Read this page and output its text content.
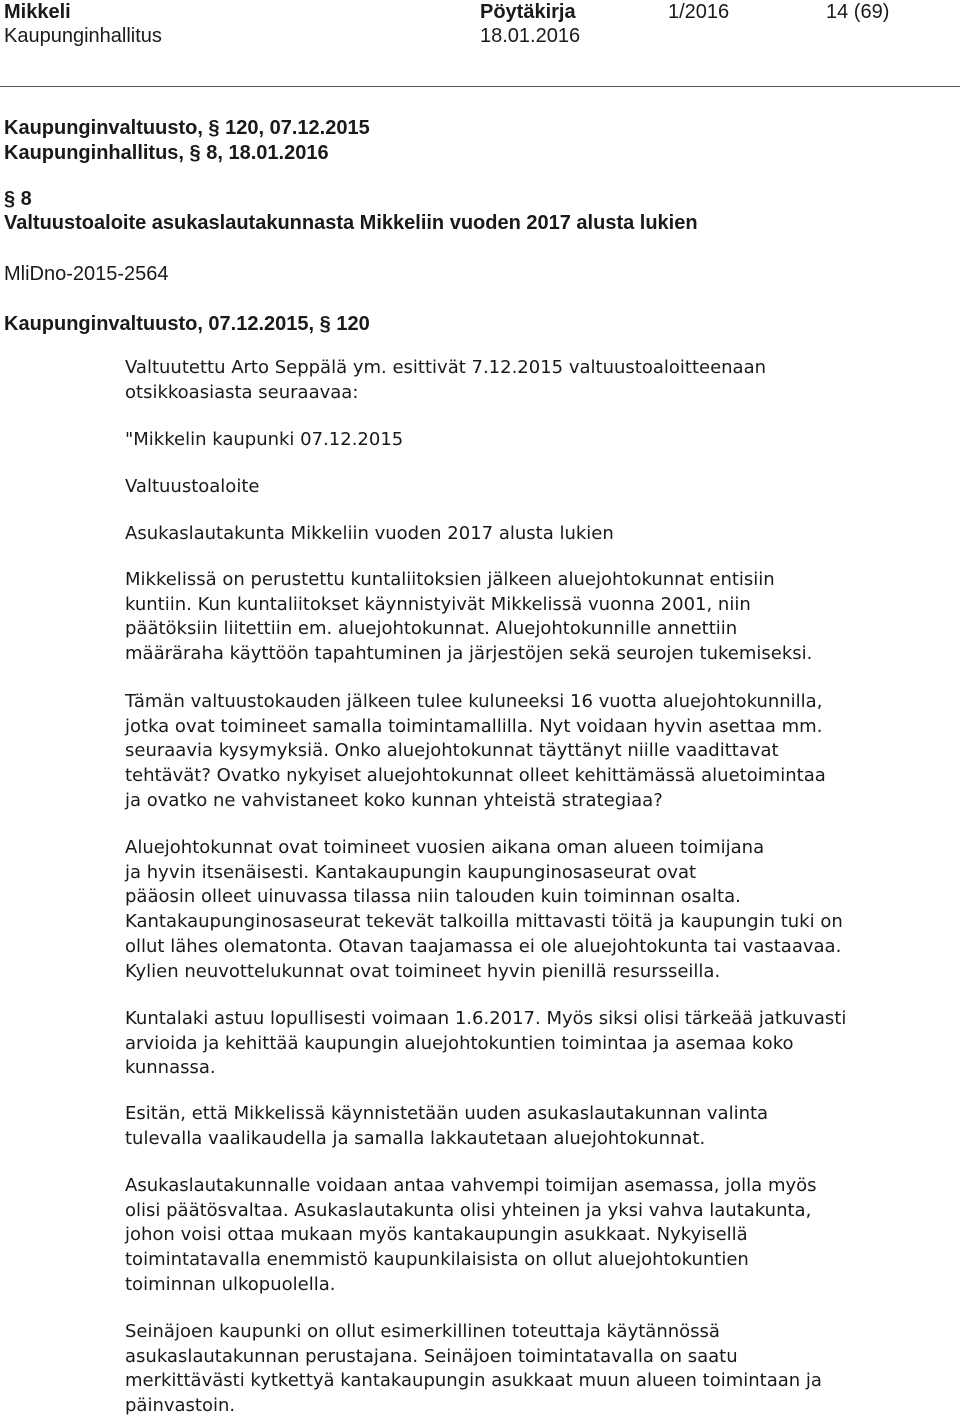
Mikkeli	Pöytäkirja	1/2016	14 (69)
Kaupunginhallitus	18.01.2016
Kaupunginvaltuusto, § 120, 07.12.2015
Kaupunginhallitus, § 8, 18.01.2016
§ 8
Valtuustoaloite asukaslautakunnasta Mikkeliin vuoden 2017 alusta lukien
MliDno-2015-2564
Kaupunginvaltuusto, 07.12.2015, § 120
Valtuutettu Arto Seppälä ym. esittivät 7.12.2015 valtuustoaloitteenaan
otsikkoasiasta seuraavaa:
"Mikkelin kaupunki 07.12.2015
Valtuustoaloite
Asukaslautakunta Mikkeliin vuoden 2017 alusta lukien
Mikkelissä on perustettu kuntaliitoksien jälkeen aluejohtokunnat entisiin
kuntiin. Kun kuntaliitokset käynnistyivät Mikkelissä vuonna 2001, niin
päätöksiin liitettiin em. aluejohtokunnat. Aluejohtokunnille annettiin
määräraha käyttöön tapahtuminen ja järjestöjen sekä seurojen tukemiseksi.
Tämän valtuustokauden jälkeen tulee kuluneeksi 16 vuotta aluejohtokunnilla,
jotka ovat toimineet samalla toimintamallilla. Nyt voidaan hyvin asettaa mm.
seuraavia kysymyksiä. Onko aluejohtokunnat täyttänyt niille vaadittavat
tehtävät? Ovatko nykyiset aluejohtokunnat olleet kehittämässä aluetoimintaa
ja ovatko ne vahvistaneet koko kunnan yhteistä strategiaa?
Aluejohtokunnat ovat toimineet vuosien aikana oman alueen toimijana
ja hyvin itsenäisesti. Kantakaupungin kaupunginosaseurat ovat
pääosin olleet uinuvassa tilassa niin talouden kuin toiminnan osalta.
Kantakaupunginosaseurat tekevät talkoilla mittavasti töitä ja kaupungin tuki on
ollut lähes olematonta. Otavan taajamassa ei ole aluejohtokunta tai vastaavaa.
Kylien neuvottelukunnat ovat toimineet hyvin pienillä resursseilla.
Kuntalaki astuu lopullisesti voimaan 1.6.2017. Myös siksi olisi tärkeää jatkuvasti
arvioida ja kehittää kaupungin aluejohtokuntien toimintaa ja asemaa koko
kunnassa.
Esitän, että Mikkelissä käynnistetään uuden asukaslautakunnan valinta
tulevalla vaalikaudella ja samalla lakkautetaan aluejohtokunnat.
Asukaslautakunnalle voidaan antaa vahvempi toimijan asemassa, jolla myös
olisi päätösvaltaa. Asukaslautakunta olisi yhteinen ja yksi vahva lautakunta,
johon voisi ottaa mukaan myös kantakaupungin asukkaat. Nykyisellä
toimintatavalla enemmistö kaupunkilaisista on ollut aluejohtokuntien
toiminnan ulkopuolella.
Seinäjoen kaupunki on ollut esimerkillinen toteuttaja käytännössä
asukaslautakunnan perustajana. Seinäjoen toimintatavalla on saatu
merkittävästi kytkettyä kantakaupungin asukkaat muun alueen toimintaan ja
päinvastoin.
